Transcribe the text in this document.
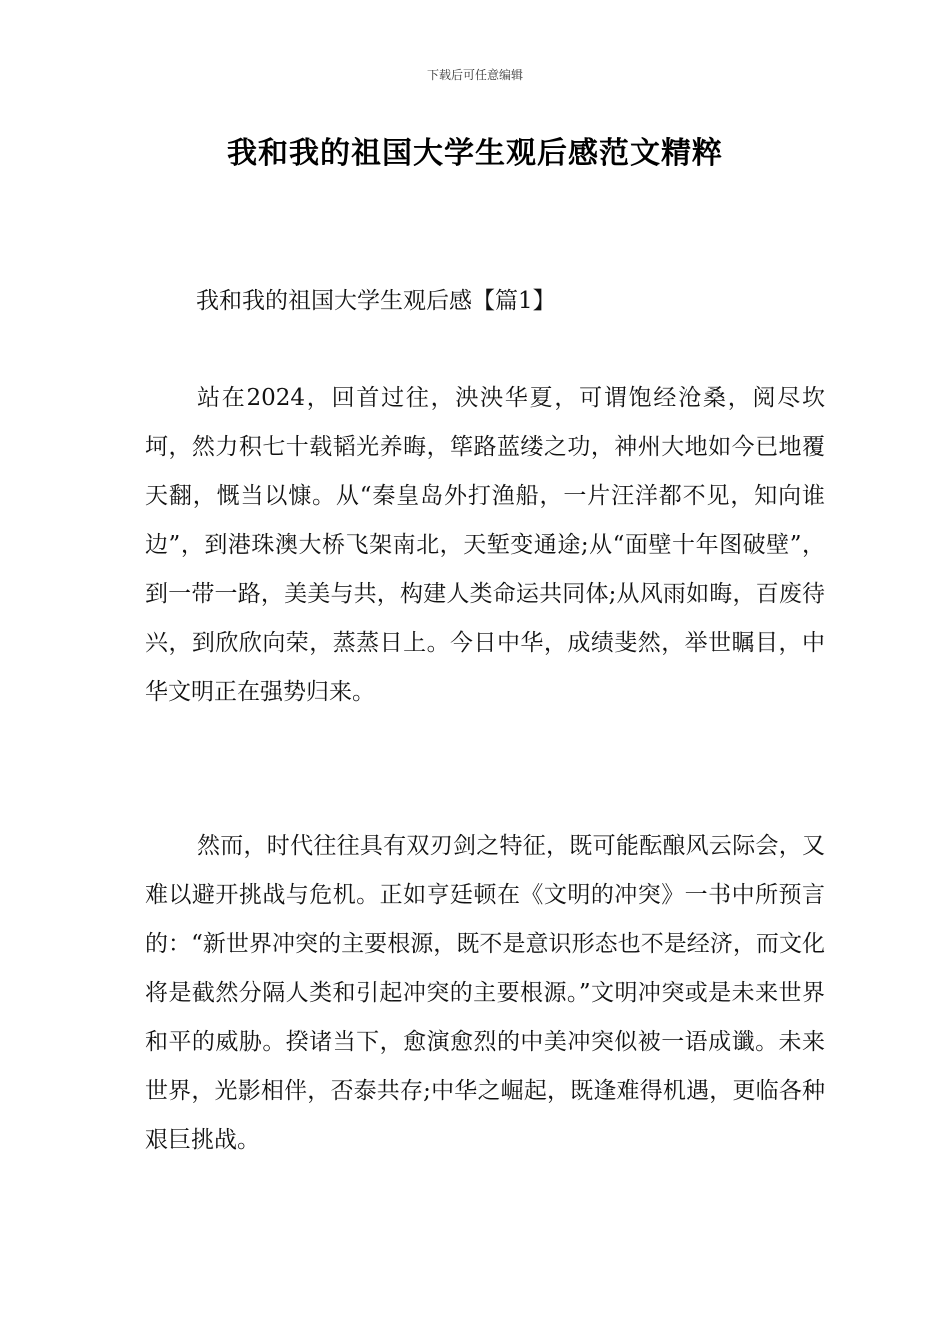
下载后可任意编辑
我和我的祖国大学生观后感范文精粹
我和我的祖国大学生观后感【篇1】

站在2024，回首过往，泱泱华夏，可谓饱经沧桑，阅尽坎坷，然力积七十载韬光养晦，筚路蓝缕之功，神州大地如今已地覆天翻，慨当以慷。从“秦皇岛外打渔船，一片汪洋都不见，知向谁边”，到港珠澳大桥飞架南北，天堑变通途;从“面壁十年图破壁”，到一带一路，美美与共，构建人类命运共同体;从风雨如晦，百废待兴，到欣欣向荣，蒸蒸日上。今日中华，成绩斐然，举世瞩目，中华文明正在强势归来。

然而，时代往往具有双刃剑之特征，既可能酝酿风云际会，又难以避开挑战与危机。正如亨廷顿在《文明的冲突》一书中所预言的：“新世界冲突的主要根源，既不是意识形态也不是经济，而文化将是截然分隔人类和引起冲突的主要根源。”文明冲突或是未来世界和平的威胁。揆诸当下，愈演愈烈的中美冲突似被一语成谶。未来世界，光影相伴，否泰共存;中华之崛起，既逢难得机遇，更临各种艰巨挑战。
